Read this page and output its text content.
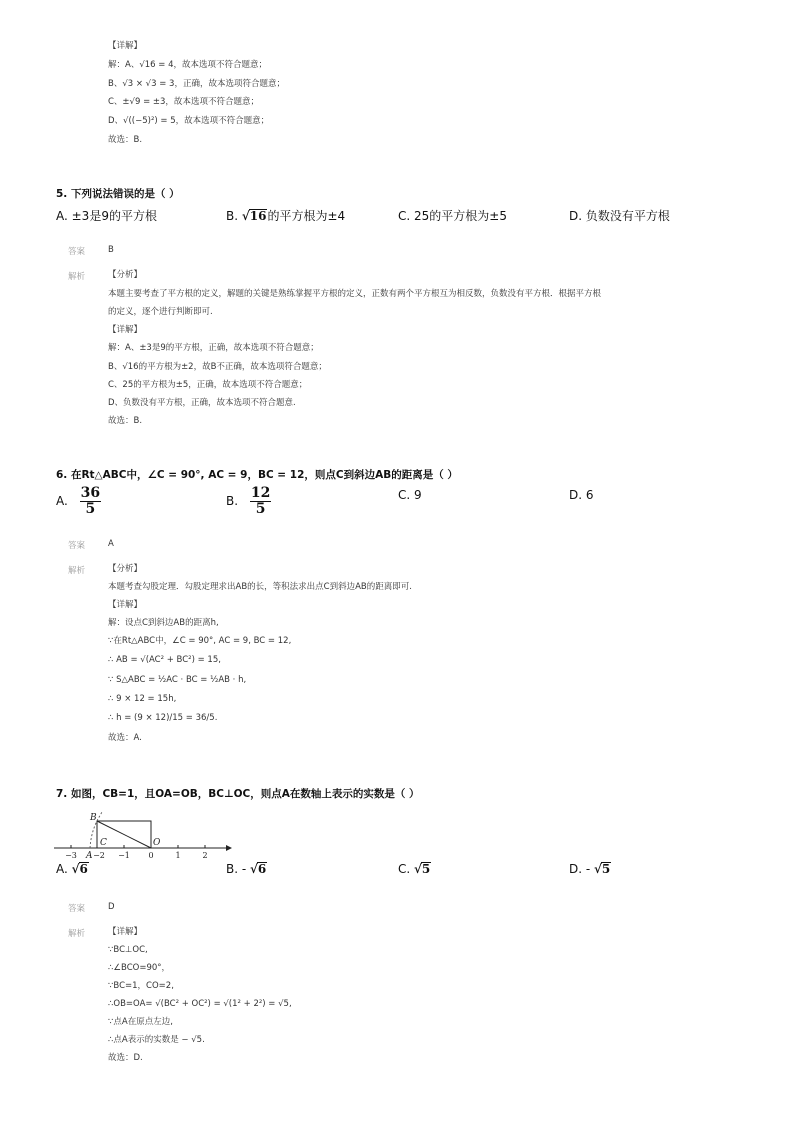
【详解】
解：A、√16 = 4，故本选项不符合题意；
B、√3 × √3 = 3，正确，故本选项符合题意；
C、±√9 = ±3，故本选项不符合题意；
D、√((−5)²) = 5，故本选项不符合题意；
故选：B.
5. 下列说法错误的是（ ）
A. ±3是9的平方根	B. √16的平方根为±4	C. 25的平方根为±5	D. 负数没有平方根
答案	B
解析	【分析】
本题主要考查了平方根的定义，解题的关键是熟练掌握平方根的定义，正数有两个平方根互为相反数，负数没有平方根．根据平方根
的定义，逐个进行判断即可.
【详解】
解：A、±3是9的平方根，正确，故本选项不符合题意；
B、√16的平方根为±2，故B不正确，故本选项符合题意；
C、25的平方根为±5，正确，故本选项不符合题意；
D、负数没有平方根，正确，故本选项不符合题意.
故选：B.
6. 在Rt△ABC中，∠C = 90°, AC = 9，BC = 12，则点C到斜边AB的距离是（ ）
A. $\frac{36}{5}$	B. $\frac{12}{5}$	C. 9	D. 6
答案	A
解析	【分析】
本题考查勾股定理．勾股定理求出AB的长，等积法求出点C到斜边AB的距离即可.
【详解】
解：设点C到斜边AB的距离h,
∵在Rt△ABC中，∠C = 90°, AC = 9, BC = 12,
∴ AB = √(AC² + BC²) = 15,
∵ S△ABC = ½AC · BC = ½AB · h,
∴ 9 × 12 = 15h,
∴ h = (9 × 12)/15 = 36/5.
故选：A.
7. 如图，CB=1，且OA=OB，BC⊥OC，则点A在数轴上表示的实数是（ ）
B
C	O
A
−3 −2 −1 0	1	2
A. √6	B. - √6	C. √5	D. - √5
答案	D
解析	【详解】
∵BC⊥OC,
∴∠BCO=90°，
∵BC=1，CO=2,
∴OB=OA= √(BC² + OC²) = √(1² + 2²) = √5,
∵点A在原点左边,
∴点A表示的实数是 − √5.
故选：D.
